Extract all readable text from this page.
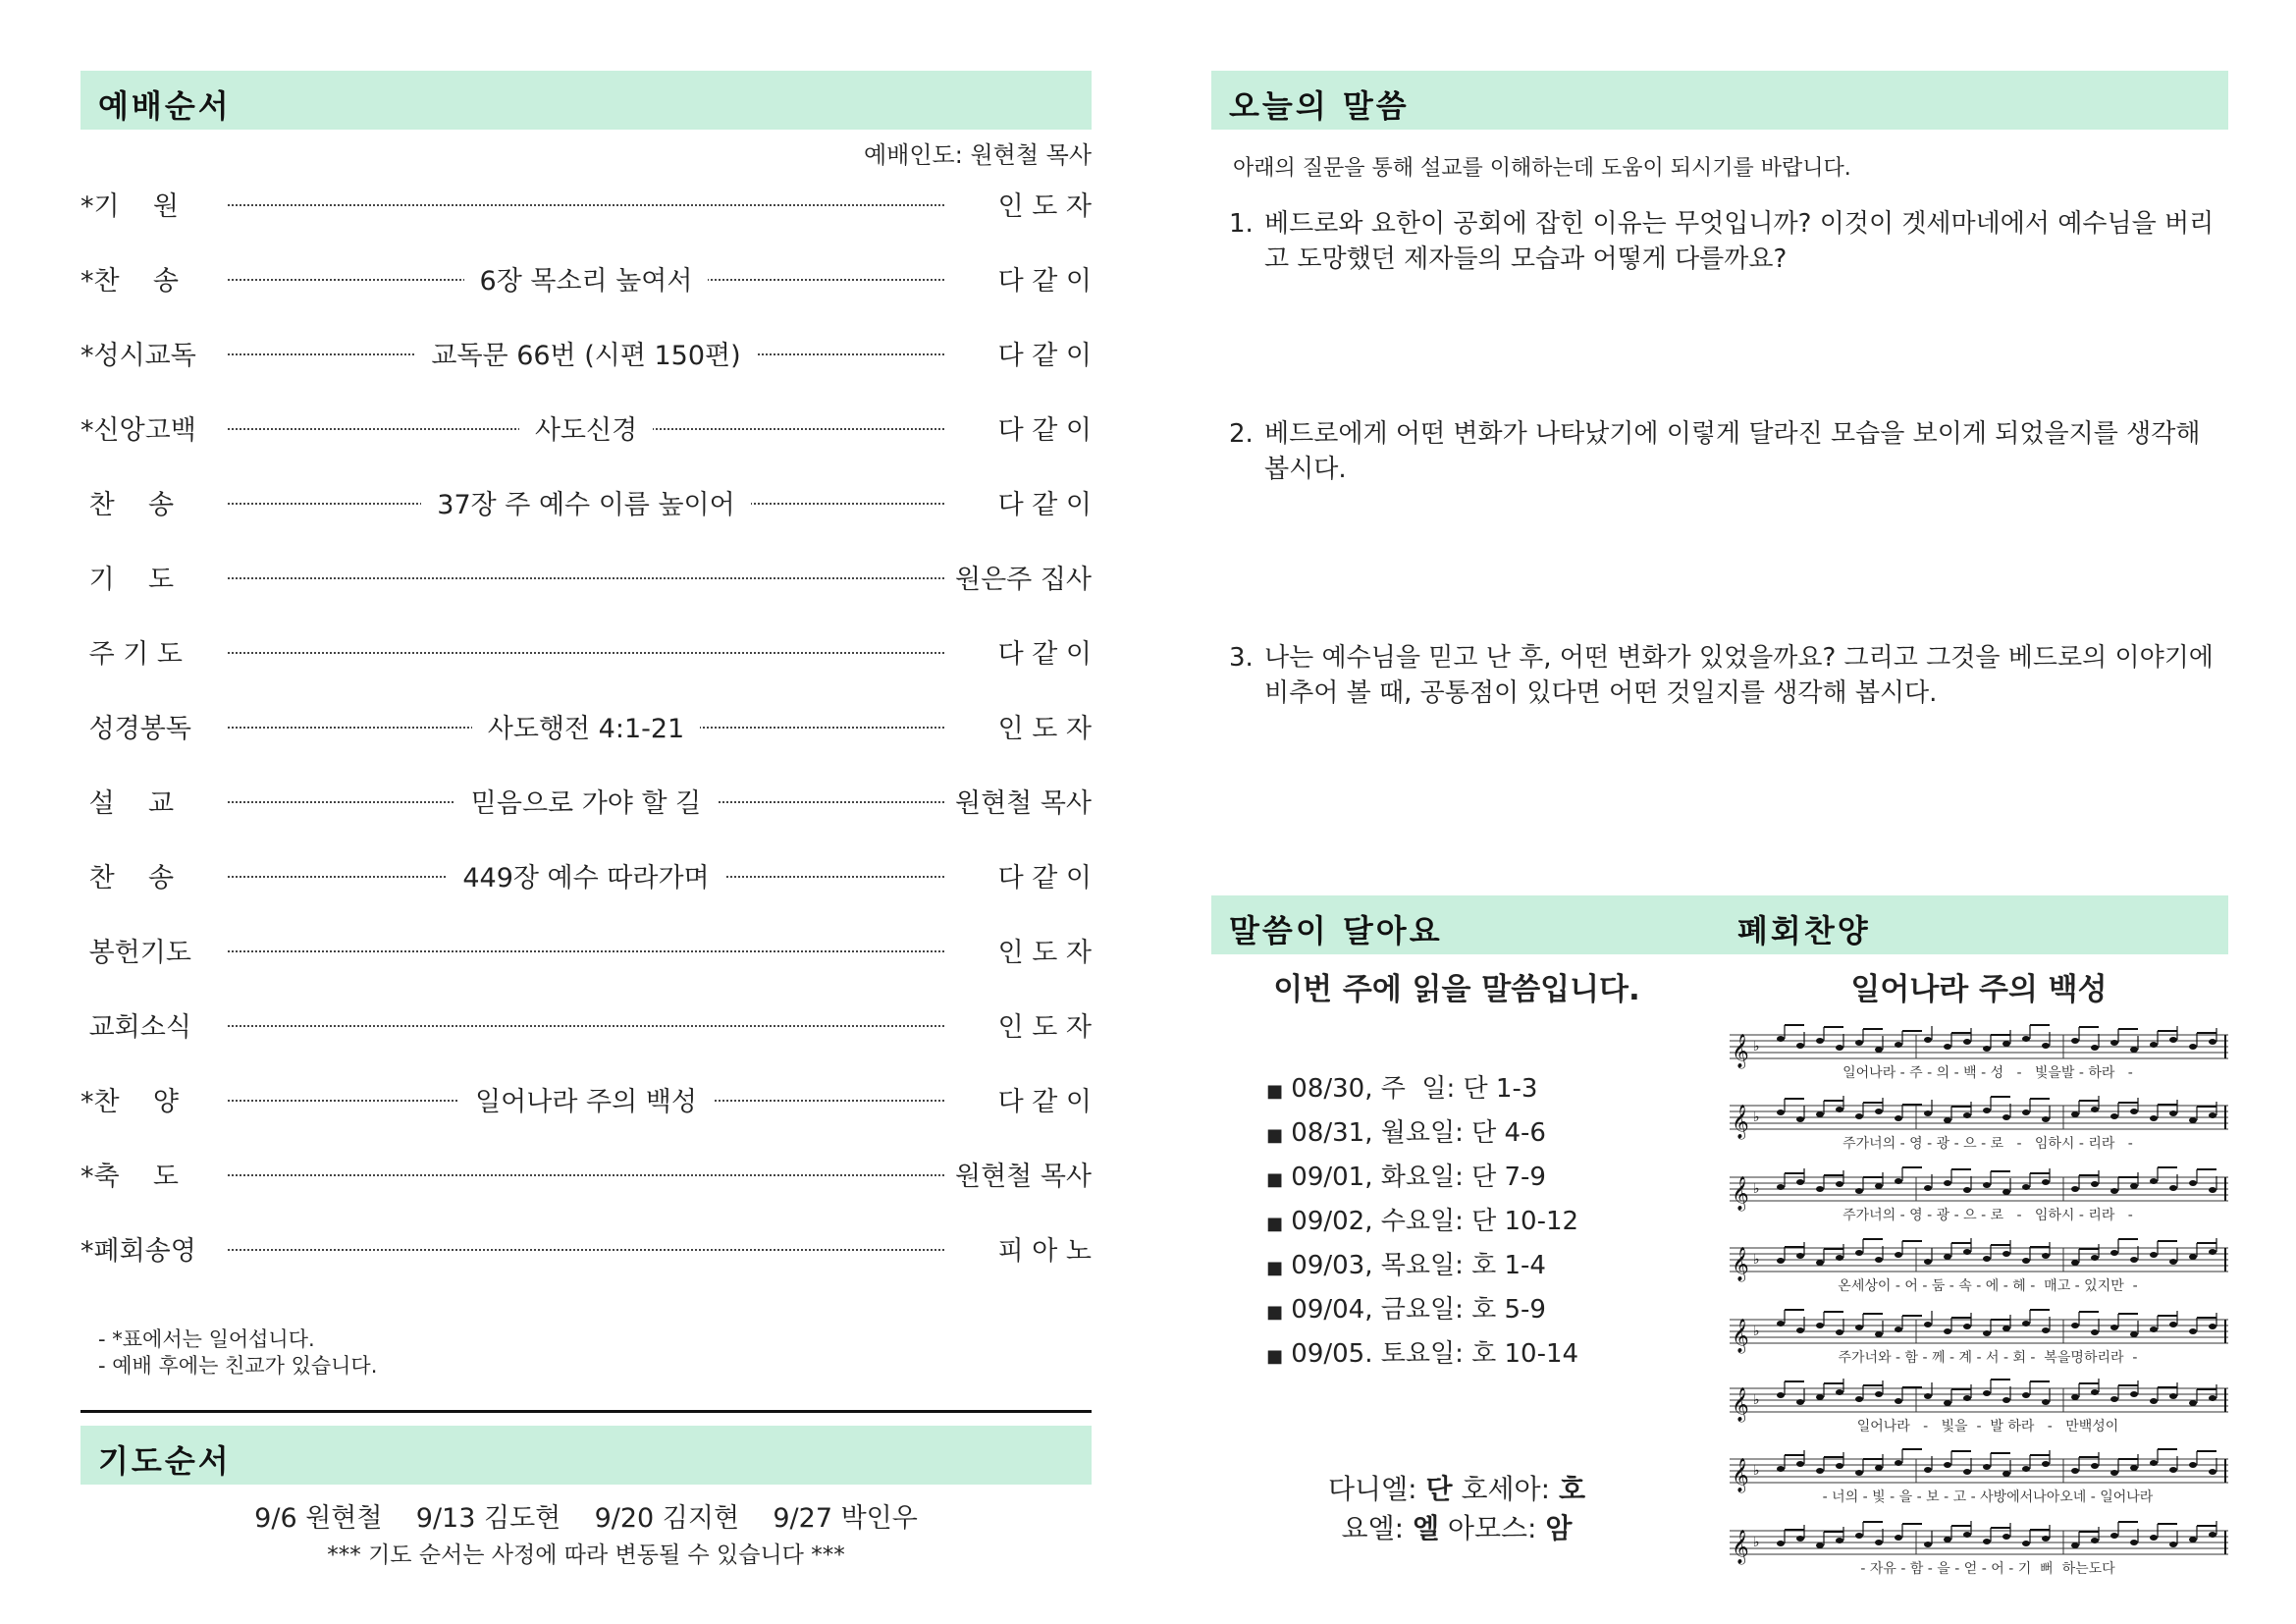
예배순서
예배인도: 원현철 목사
*기    원	인 도 자
*찬    송	6장 목소리 높여서	다 같 이
*성시교독	교독문 66번 (시편 150편)	다 같 이
*신앙고백	사도신경	다 같 이
찬    송	37장 주 예수 이름 높이어	다 같 이
기    도	원은주 집사
주 기 도	다 같 이
성경봉독	사도행전 4:1-21	인 도 자
설    교	믿음으로 가야 할 길	원현철 목사
찬    송	449장 예수 따라가며	다 같 이
봉헌기도	인 도 자
교회소식	인 도 자
*찬    양	일어나라 주의 백성	다 같 이
*축    도	원현철 목사
*폐회송영	피 아 노
- *표에서는 일어섭니다.
- 예배 후에는 친교가 있습니다.
기도순서
9/6 원현철    9/13 김도현    9/20 김지현    9/27 박인우
*** 기도 순서는 사정에 따라 변동될 수 있습니다 ***
오늘의 말씀
아래의 질문을 통해 설교를 이해하는데 도움이 되시기를 바랍니다.
1. 베드로와 요한이 공회에 잡힌 이유는 무엇입니까? 이것이 겟세마네에서 예수님을 버리고 도망했던 제자들의 모습과 어떻게 다를까요?
2. 베드로에게 어떤 변화가 나타났기에 이렇게 달라진 모습을 보이게 되었을지를 생각해 봅시다.
3. 나는 예수님을 믿고 난 후, 어떤 변화가 있었을까요? 그리고 그것을 베드로의 이야기에 비추어 볼 때, 공통점이 있다면 어떤 것일지를 생각해 봅시다.
말씀이 달아요	폐회찬양
이번 주에 읽을 말씀입니다.
■ 08/30, 주  일: 단 1-3
■ 08/31, 월요일: 단 4-6
■ 09/01, 화요일: 단 7-9
■ 09/02, 수요일: 단 10-12
■ 09/03, 목요일: 호 1-4
■ 09/04, 금요일: 호 5-9
■ 09/05. 토요일: 호 10-14
다니엘: 단 호세아: 호
요엘: 엘 아모스: 암
일어나라 주의 백성
𝄞 ♭
일어나라 - 주 - 의 - 백 - 성   -   빛을발 - 하라   -
𝄞 ♭
주가너의 - 영 - 광 - 으 - 로   -   임하시 - 리라   -
𝄞 ♭
주가너의 - 영 - 광 - 으 - 로   -   임하시 - 리라   -
𝄞 ♭
온세상이 - 어 - 둠 - 속 - 에 - 헤 -  매고 - 있지만  -
𝄞 ♭
주가너와 - 함 - 께 - 계 - 서 - 회 -  복을명하리라  -
𝄞 ♭
일어나라   -   빛을  -  발 하라   -   만백성이
𝄞 ♭
- 너의 - 빛 - 을 - 보 - 고 - 사방에서나아오네 - 일어나라
𝄞 ♭
- 자유 - 함 - 을 - 얻 - 어 - 기  뻐  하는도다
